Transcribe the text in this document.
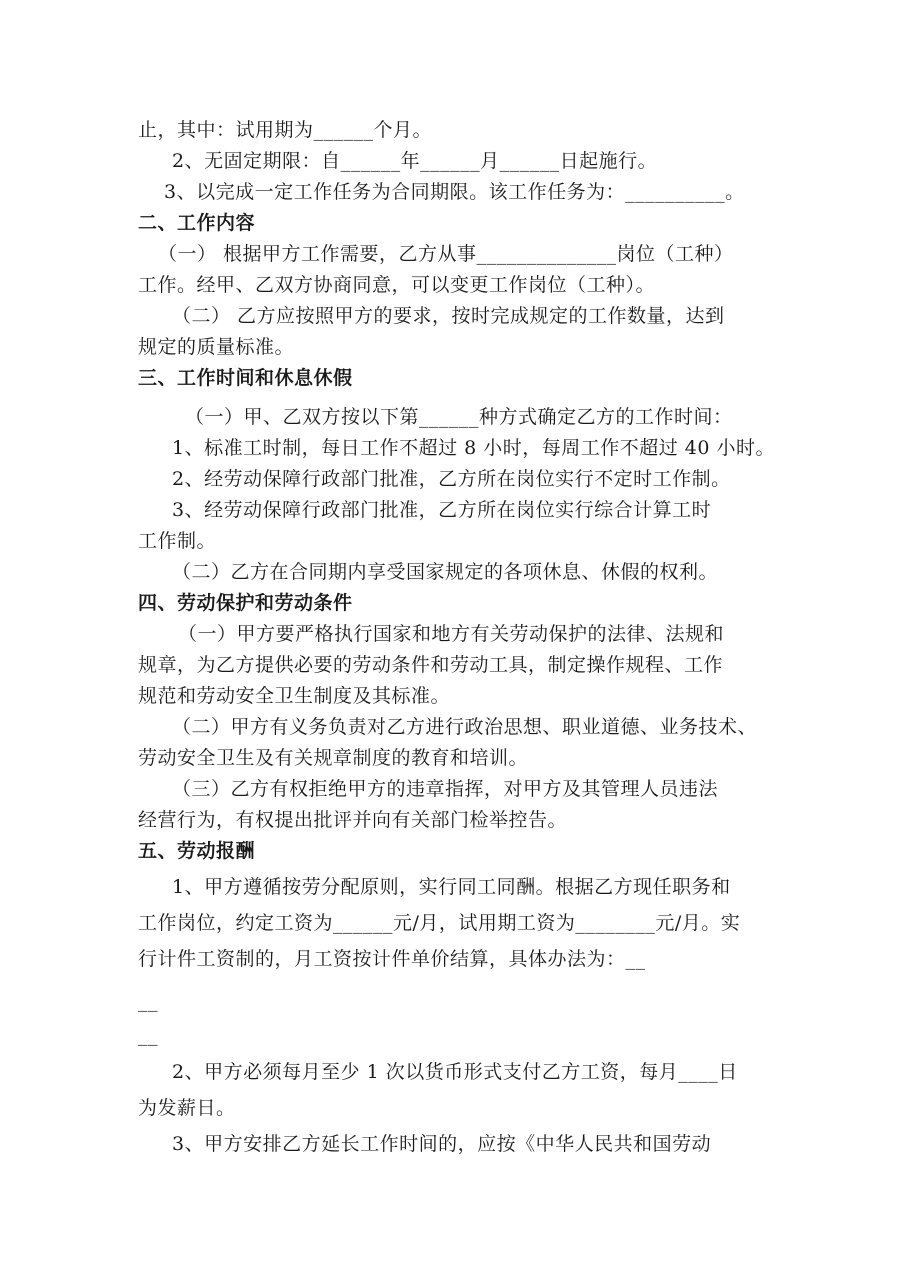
止，其中：试用期为______个月。
2、无固定期限：自______年______月______日起施行。
3、以完成一定工作任务为合同期限。该工作任务为：__________。
二、工作内容
（一） 根据甲方工作需要，乙方从事______________岗位（工种）
工作。经甲、乙双方协商同意，可以变更工作岗位（工种）。
（二） 乙方应按照甲方的要求，按时完成规定的工作数量，达到
规定的质量标准。
三、工作时间和休息休假
（一）甲、乙双方按以下第______种方式确定乙方的工作时间：
1、标准工时制，每日工作不超过 8 小时，每周工作不超过 40 小时。
2、经劳动保障行政部门批准，乙方所在岗位实行不定时工作制。
3、经劳动保障行政部门批准，乙方所在岗位实行综合计算工时
工作制。
（二）乙方在合同期内享受国家规定的各项休息、休假的权利。
四、劳动保护和劳动条件
（一）甲方要严格执行国家和地方有关劳动保护的法律、法规和
规章，为乙方提供必要的劳动条件和劳动工具，制定操作规程、工作
规范和劳动安全卫生制度及其标准。
（二）甲方有义务负责对乙方进行政治思想、职业道德、业务技术、
劳动安全卫生及有关规章制度的教育和培训。
（三）乙方有权拒绝甲方的违章指挥，对甲方及其管理人员违法
经营行为，有权提出批评并向有关部门检举控告。
五、劳动报酬
1、甲方遵循按劳分配原则，实行同工同酬。根据乙方现任职务和
工作岗位，约定工资为______元/月，试用期工资为________元/月。实
行计件工资制的，月工资按计件单价结算，具体办法为：__
__
__
2、甲方必须每月至少 1 次以货币形式支付乙方工资，每月____日
为发薪日。
3、甲方安排乙方延长工作时间的，应按《中华人民共和国劳动
